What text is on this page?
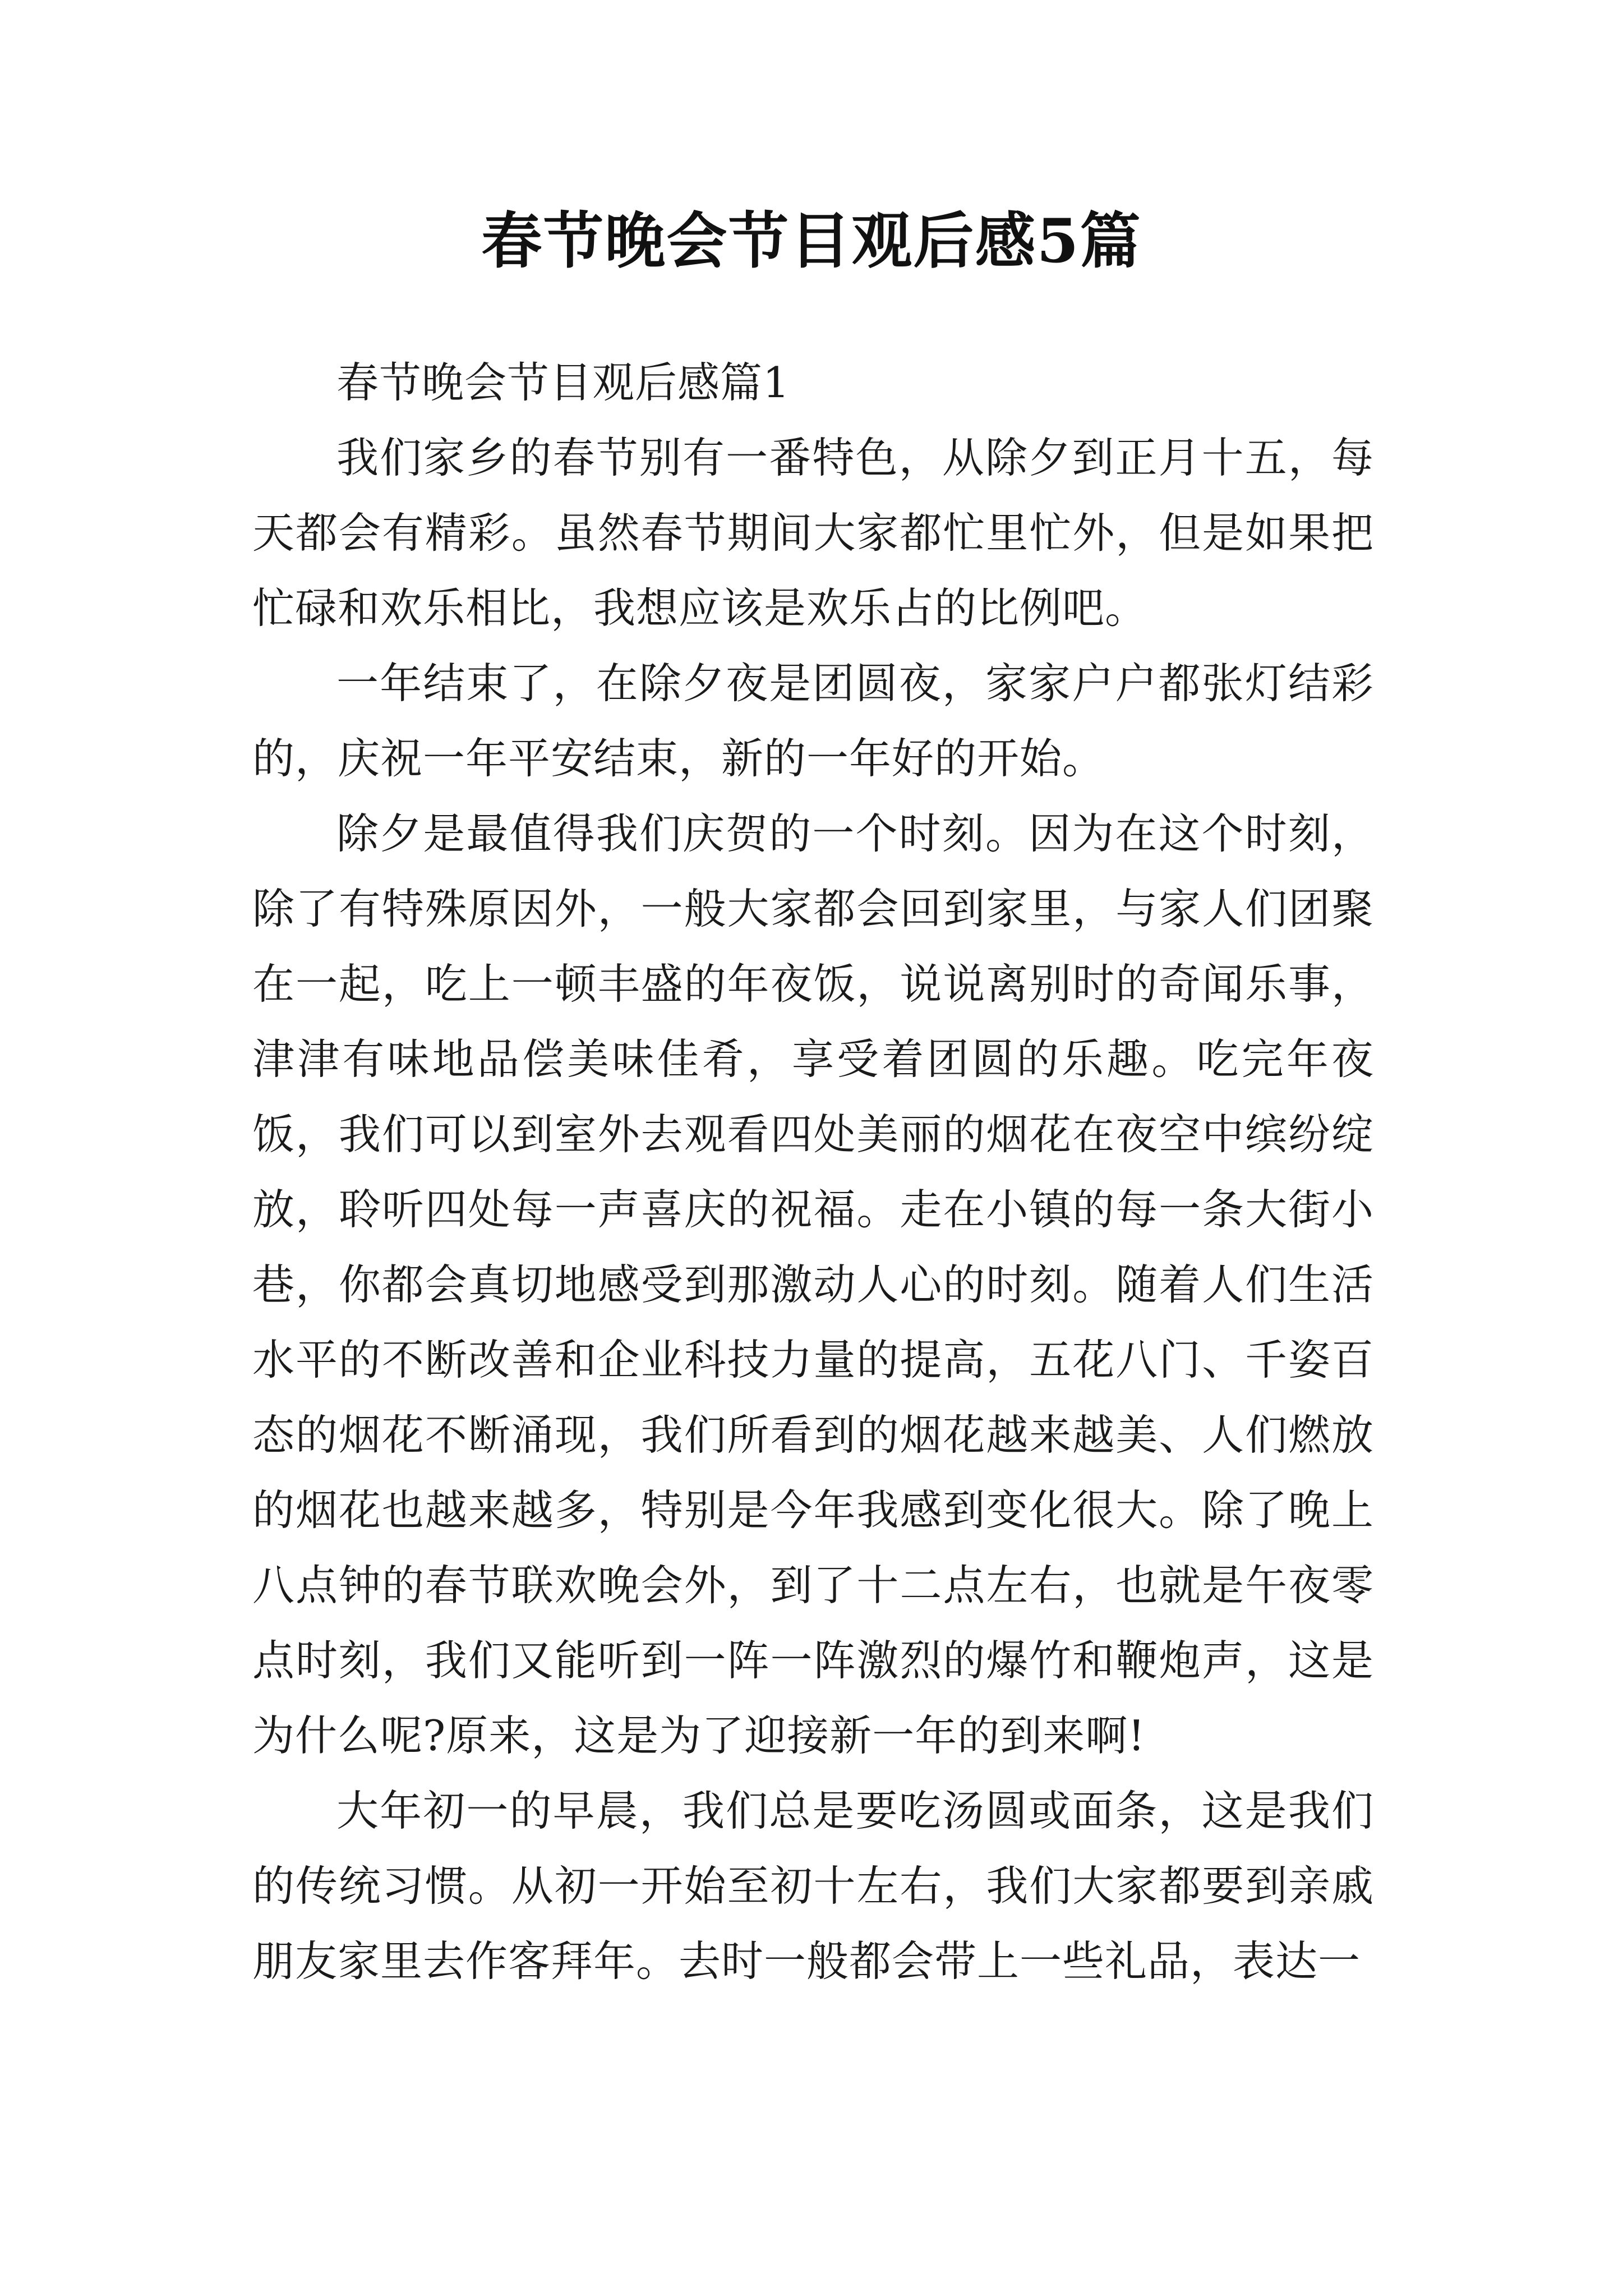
春节晚会节目观后感5篇

春节晚会节目观后感篇1

我们家乡的春节别有一番特色，从除夕到正月十五，每天都会有精彩。虽然春节期间大家都忙里忙外，但是如果把忙碌和欢乐相比，我想应该是欢乐占的比例吧。

一年结束了，在除夕夜是团圆夜，家家户户都张灯结彩的，庆祝一年平安结束，新的一年好的开始。

除夕是最值得我们庆贺的一个时刻。因为在这个时刻，除了有特殊原因外，一般大家都会回到家里，与家人们团聚在一起，吃上一顿丰盛的年夜饭，说说离别时的奇闻乐事，津津有味地品偿美味佳肴，享受着团圆的乐趣。吃完年夜饭，我们可以到室外去观看四处美丽的烟花在夜空中缤纷绽放，聆听四处每一声喜庆的祝福。走在小镇的每一条大街小巷，你都会真切地感受到那激动人心的时刻。随着人们生活水平的不断改善和企业科技力量的提高，五花八门、千姿百态的烟花不断涌现，我们所看到的烟花越来越美、人们燃放的烟花也越来越多，特别是今年我感到变化很大。除了晚上八点钟的春节联欢晚会外，到了十二点左右，也就是午夜零点时刻，我们又能听到一阵一阵激烈的爆竹和鞭炮声，这是为什么呢?原来，这是为了迎接新一年的到来啊!

大年初一的早晨，我们总是要吃汤圆或面条，这是我们的传统习惯。从初一开始至初十左右，我们大家都要到亲戚朋友家里去作客拜年。去时一般都会带上一些礼品，表达一
